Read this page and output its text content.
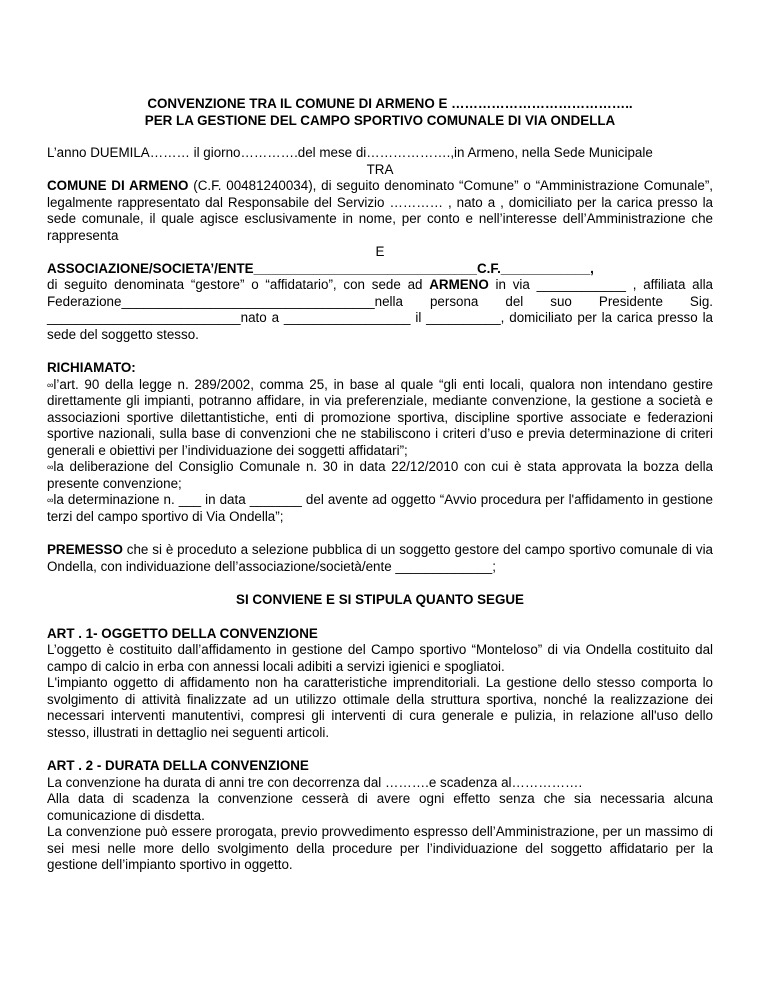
CONVENZIONE TRA IL COMUNE DI ARMENO E …………………………………..
PER LA GESTIONE DEL CAMPO SPORTIVO COMUNALE DI VIA ONDELLA

L’anno DUEMILA……… il giorno………….del mese di……………….,in Armeno, nella Sede Municipale

TRA

COMUNE DI ARMENO (C.F. 00481240034), di seguito denominato “Comune” o “Amministrazione Comunale”, legalmente rappresentato dal Responsabile del Servizio ………… , nato a , domiciliato per la carica presso la sede comunale, il quale agisce esclusivamente in nome, per conto e nell’interesse dell’Amministrazione che rappresenta

E

ASSOCIAZIONE/SOCIETA’/ENTE______________________________C.F.____________,

di seguito denominata “gestore” o “affidatario”, con sede ad ARMENO in via ____________ , affiliata alla Federazione__________________________________nella persona del suo Presidente Sig. __________________________nato a _________________ il __________, domiciliato per la carica presso la sede del soggetto stesso.

RICHIAMATO:

∞l’art. 90 della legge n. 289/2002, comma 25, in base al quale “gli enti locali, qualora non intendano gestire direttamente gli impianti, potranno affidare, in via preferenziale, mediante convenzione, la gestione a società e associazioni sportive dilettantistiche, enti di promozione sportiva, discipline sportive associate e federazioni sportive nazionali, sulla base di convenzioni che ne stabiliscono i criteri d’uso e previa determinazione di criteri generali e obiettivi per l’individuazione dei soggetti affidatari”;

∞la deliberazione del Consiglio Comunale n. 30 in data 22/12/2010 con cui è stata approvata la bozza della presente convenzione;

∞la determinazione n. ___ in data _______ del avente ad oggetto “Avvio procedura per l'affidamento in gestione terzi del campo sportivo di Via Ondella”;

PREMESSO che si è proceduto a selezione pubblica di un soggetto gestore del campo sportivo comunale di via Ondella, con individuazione dell’associazione/società/ente _____________;

SI CONVIENE E SI STIPULA QUANTO SEGUE

ART . 1- OGGETTO DELLA CONVENZIONE

L’oggetto è costituito dall’affidamento in gestione del Campo sportivo “Monteloso” di via Ondella costituito dal campo di calcio in erba con annessi locali adibiti a servizi igienici e spogliatoi.

L'impianto oggetto di affidamento non ha caratteristiche imprenditoriali. La gestione dello stesso comporta lo svolgimento di attività finalizzate ad un utilizzo ottimale della struttura sportiva, nonché la realizzazione dei necessari interventi manutentivi, compresi gli interventi di cura generale e pulizia, in relazione all'uso dello stesso, illustrati in dettaglio nei seguenti articoli.

ART . 2 - DURATA DELLA CONVENZIONE

La convenzione ha durata di anni tre con decorrenza dal ……….e scadenza al…………….

Alla data di scadenza la convenzione cesserà di avere ogni effetto senza che sia necessaria alcuna comunicazione di disdetta.

La convenzione può essere prorogata, previo provvedimento espresso dell’Amministrazione, per un massimo di sei mesi nelle more dello svolgimento della procedure per l’individuazione del soggetto affidatario per la gestione dell’impianto sportivo in oggetto.
